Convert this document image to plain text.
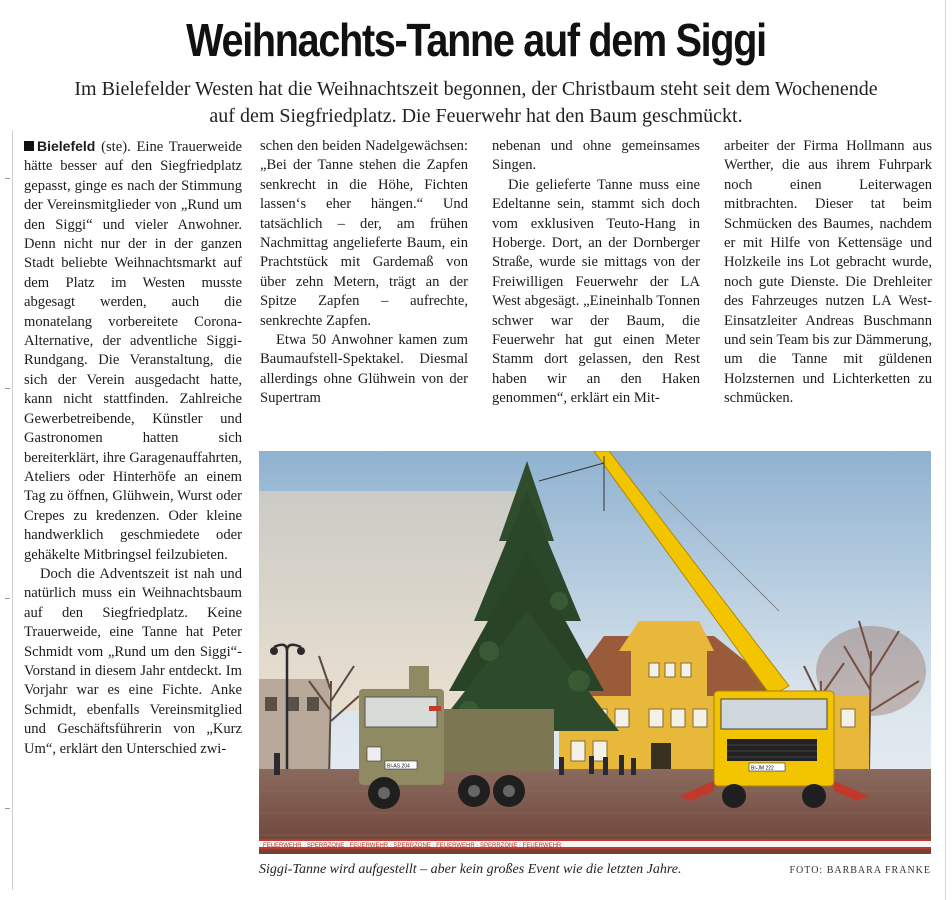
Weihnachts-Tanne auf dem Siggi
Im Bielefelder Westen hat die Weihnachtszeit begonnen, der Christbaum steht seit dem Wochenende auf dem Siegfriedplatz. Die Feuerwehr hat den Baum geschmückt.

Bielefeld (ste). Eine Trauerweide hätte besser auf den Siegfriedplatz gepasst, ginge es nach der Stimmung der Vereinsmitglieder von „Rund um den Siggi“ und vieler Anwohner. Denn nicht nur der in der ganzen Stadt beliebte Weihnachtsmarkt auf dem Platz im Westen musste abgesagt werden, auch die monatelang vorbereitete Corona-Alternative, der adventliche Siggi-Rundgang. Die Veranstaltung, die sich der Verein ausgedacht hatte, kann nicht stattfinden. Zahlreiche Gewerbetreibende, Künstler und Gastronomen hatten sich bereiterklärt, ihre Garagenauffahrten, Ateliers oder Hinterhöfe an einem Tag zu öffnen, Glühwein, Wurst oder Crepes zu kredenzen. Oder kleine handwerklich geschmiedete oder gehäkelte Mitbringsel feilzubieten.

Doch die Adventszeit ist nah und natürlich muss ein Weihnachtsbaum auf den Siegfriedplatz. Keine Trauerweide, eine Tanne hat Peter Schmidt vom „Rund um den Siggi“-Vorstand in diesem Jahr entdeckt. Im Vorjahr war es eine Fichte. Anke Schmidt, ebenfalls Vereinsmitglied und Geschäftsführerin von „Kurz Um“, erklärt den Unterschied zwi-

schen den beiden Nadelgewächsen: „Bei der Tanne stehen die Zapfen senkrecht in die Höhe, Fichten lassen‘s eher hängen.“ Und tatsächlich – der, am frühen Nachmittag angelieferte Baum, ein Prachtstück mit Gardemaß von über zehn Metern, trägt an der Spitze Zapfen – aufrechte, senkrechte Zapfen.

Etwa 50 Anwohner kamen zum Baumaufstell-Spektakel. Diesmal allerdings ohne Glühwein von der Supertram

nebenan und ohne gemeinsames Singen.

Die gelieferte Tanne muss eine Edeltanne sein, stammt sich doch vom exklusiven Teuto-Hang in Hoberge. Dort, an der Dornberger Straße, wurde sie mittags von der Freiwilligen Feuerwehr der LA West abgesägt. „Eineinhalb Tonnen schwer war der Baum, die Feuerwehr hat gut einen Meter Stamm dort gelassen, den Rest haben wir an den Haken genommen“, erklärt ein Mit-

arbeiter der Firma Hollmann aus Werther, die aus ihrem Fuhrpark noch einen Leiterwagen mitbrachten. Dieser tat beim Schmücken des Baumes, nachdem er mit Hilfe von Kettensäge und Holzkeile ins Lot gebracht wurde, noch gute Dienste. Die Drehleiter des Fahrzeuges nutzen LA West-Einsatzleiter Andreas Buschmann und sein Team bis zur Dämmerung, um die Tanne mit güldenen Holzsternen und Lichterketten zu schmücken.

BI-AS 204	BI-JM 222
FEUERWEHR · SPERRZONE · FEUERWEHR · SPERRZONE · FEUERWEHR · SPERRZONE · FEUERWEHR
Siggi-Tanne wird aufgestellt – aber kein großes Event wie die letzten Jahre.	FOTO: BARBARA FRANKE
